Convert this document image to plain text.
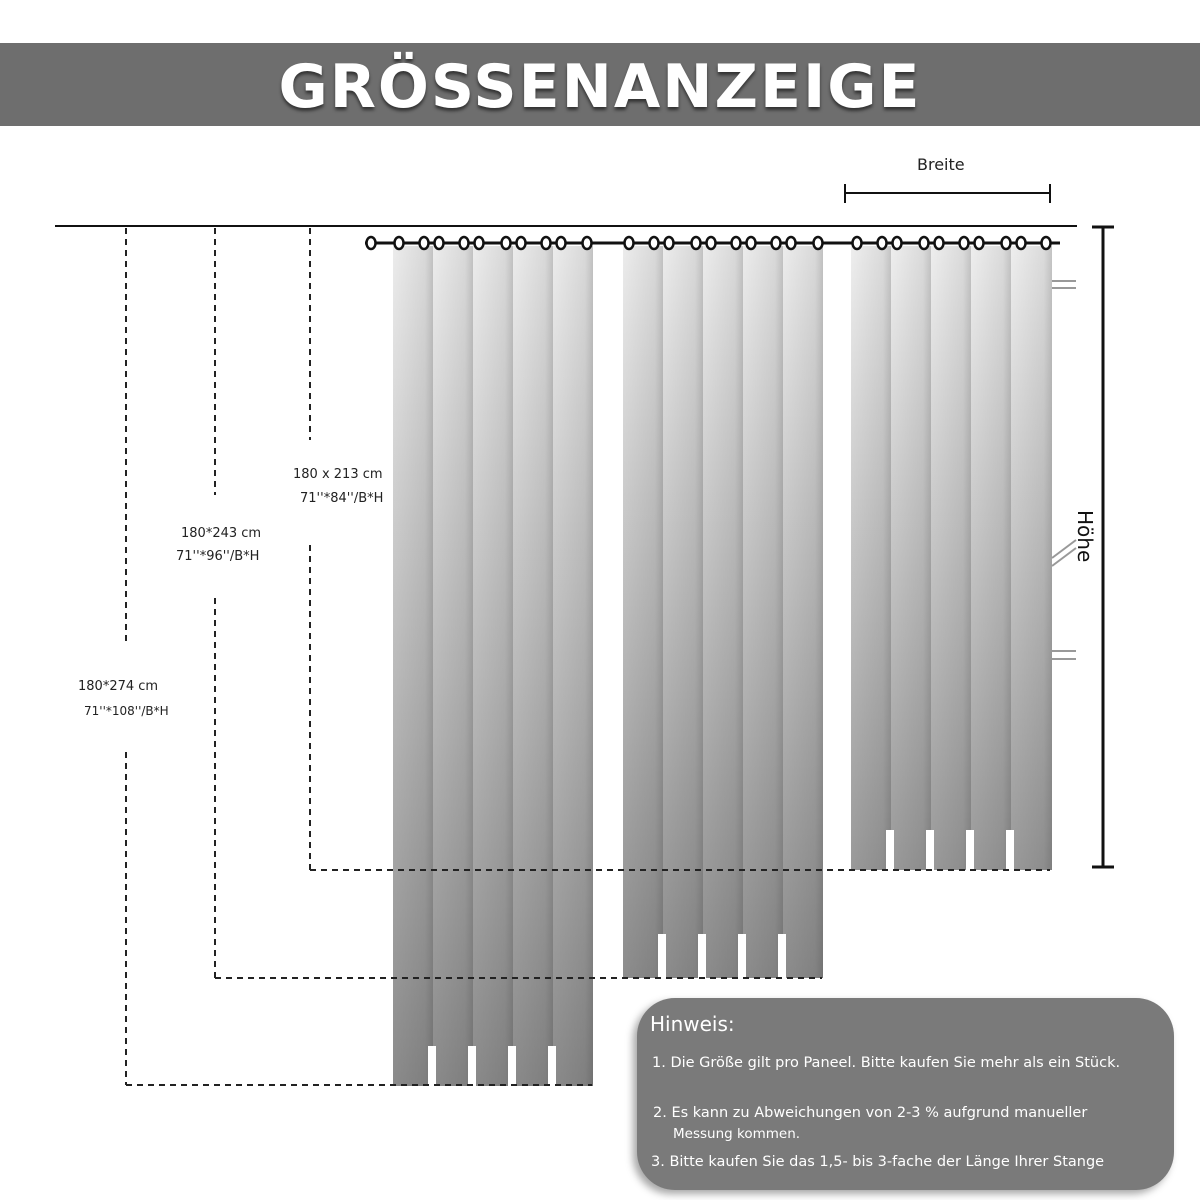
GRÖSSENANZEIGE
Breite
Höhe
180 x 213 cm
71''*84''/B*H
180*243 cm
71''*96''/B*H
180*274 cm
71''*108''/B*H
Hinweis:
1. Die Größe gilt pro Paneel. Bitte kaufen Sie mehr als ein Stück.
2. Es kann zu Abweichungen von 2-3 % aufgrund manueller
Messung kommen.
3. Bitte kaufen Sie das 1,5- bis 3-fache der Länge Ihrer Stange
